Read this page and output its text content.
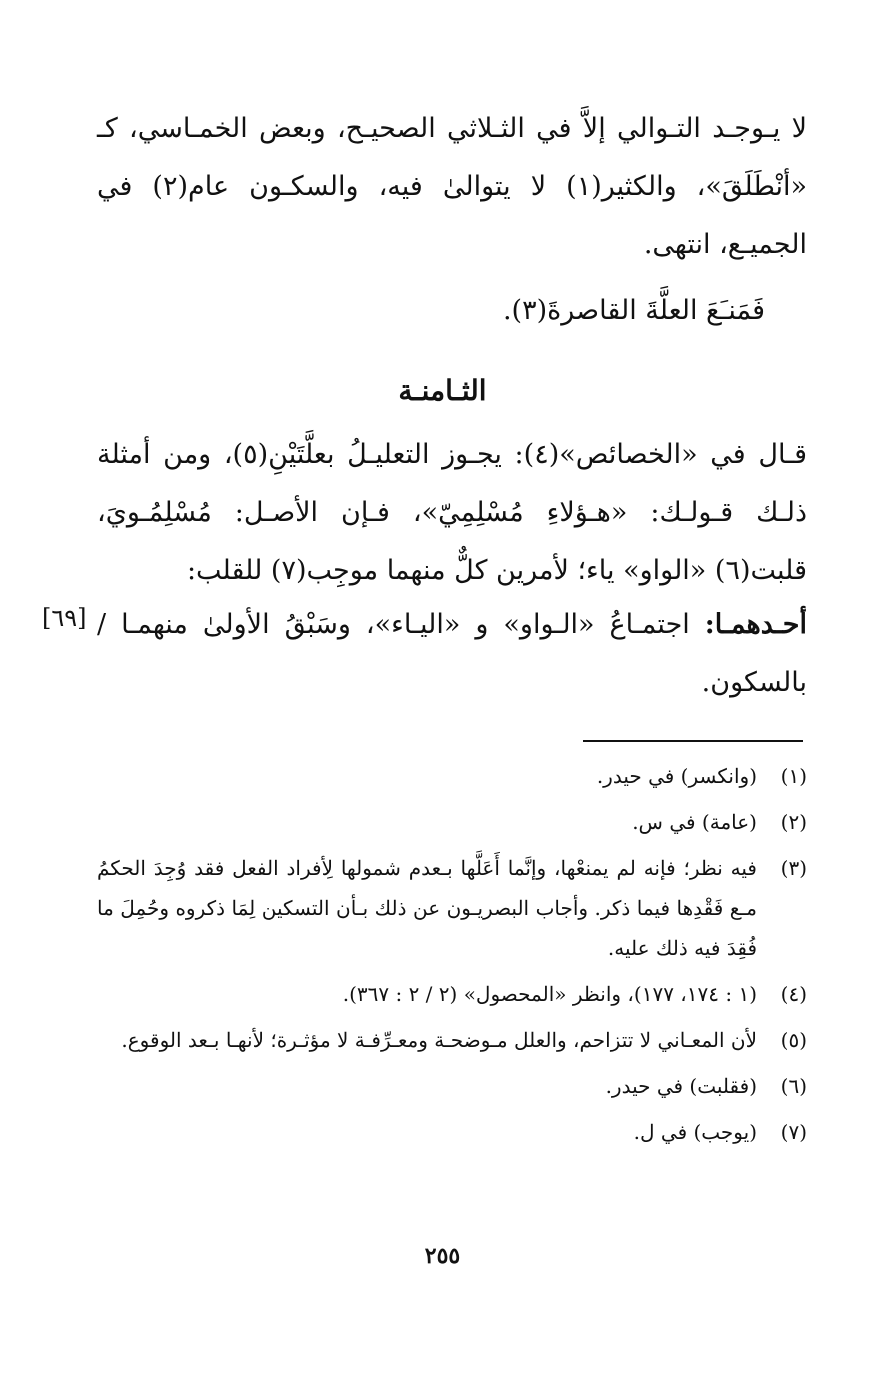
لا يـوجـد التـوالي إلاَّ في الثـلاثي الصحيـح، وبعض الخمـاسي، كـ «أنْطَلَقَ»، والكثير(١) لا يتوالىٰ فيه، والسكـون عام(٢) في الجميـع، انتهى.

فَمَنـَعَ العلَّةَ القاصرةَ(٣).

الثـامنـة

قـال في «الخصائص»(٤): يجـوز التعليـلُ بعلَّتَيْنِ(٥)، ومن أمثلة ذلـك قـولـك: «هـؤلاءِ مُسْلِمِيّ»، فـإن الأصـل: مُسْلِمُـويَ، قلبت(٦) «الواو» ياء؛ لأمرين كلٌّ منهما موجِب(٧) للقلب:

أحـدهمـا: اجتمـاعُ «الـواو» و «اليـاء»، وسَبْقُ الأولىٰ منهمـا / بالسكون.

[٦٩]
(١)
(وانكسر) في حيدر.
(٢)
(عامة) في س.
(٣)
فيه نظر؛ فإنه لم يمنعْها، وإنَّما أَعَلَّها بـعدم شمولها لِأفراد الفعل فقد وُجِدَ الحكمُ مـع فَقْدِها فيما ذكر. وأجاب البصريـون عن ذلك بـأن التسكين لِمَا ذكروه وحُمِلَ ما فُقِدَ فيه ذلك عليه.
(٤)
(١ : ١٧٤، ١٧٧)، وانظر «المحصول» (٢ / ٢ : ٣٦٧).
(٥)
لأن المعـاني لا تتزاحم، والعلل مـوضحـة ومعـرِّفـة لا مؤثـرة؛ لأنهـا بـعد الوقوع.
(٦)
(فقلبت) في حيدر.
(٧)
(يوجب) في ل.
٢٥٥
